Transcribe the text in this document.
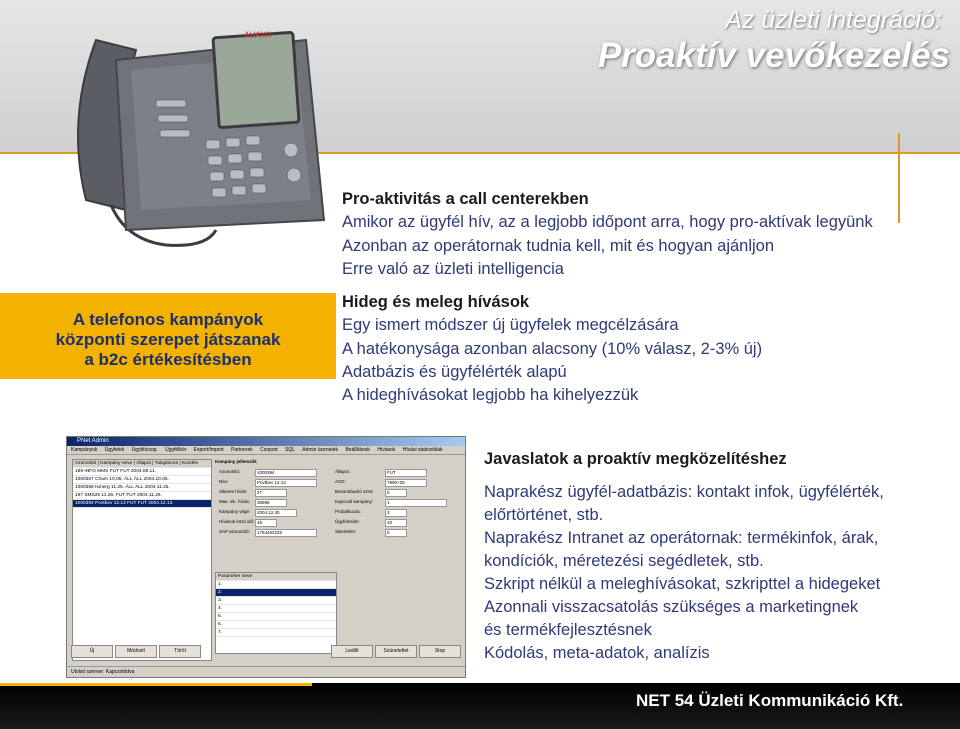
Az üzleti integráció:
Proaktív vevőkezelés
AVAYA
Pro-aktivitás a call centerekben
Amikor az ügyfél hív, az a legjobb időpont arra, hogy pro-aktívak legyünk
Azonban az operátornak tudnia kell, mit és hogyan ajánljon
Erre való az üzleti intelligencia
A telefonos kampányok
központi szerepet játszanak
a b2c értékesítésben
Hideg és meleg hívások
Egy ismert módszer új ügyfelek megcélzására
A hatékonysága azonban alacsony (10% válasz, 2-3% új)
Adatbázis és ügyfélérték alapú
A hideghívásokat legjobb ha kihelyezzük
PNet Admin
Kampányok Ügyfelek Ügyfélcsop. Ügyfélkör Export/Import Partnerek Csoport SQL Admin üzenetek Beállítások Hívások Hívási statisztikák
Azonosító | Kampány neve | Állapot | Tulajdonos | Kezdés
189 INFO MMS FUT FUT 2004.08.11.
1000367 Charn 10.05. ÁLL ÁLL 2004.10.05.
1000368 Ismerg 11.25. ÁLL ÁLL 2004.11.25.
197 SMS25 11.26. FUT FUT 2004.11.26.
1000394 Povtbev 12.13 FUT FUT 2004.12.13.
Kampány jellemzők
Azonosító:	1000394
Név:	Povtbev 12.13
Sikeres hívás: 27
Max. sik. hívás: 39999
Kampány vége: 2004.12.30
Hívások közti idő: 45
SAP azonosító: 1754452225
Állapot:	FUT
ACD:	7990+29
Besorolásciló szint:	0
Kapcsolt kampány:	1
Próbálkozás:	3
Ügyfélszám:	10
Sikertelen:	0
Paraméter neve
1.
2.
3.
4.
5.
6.
7.
Új	Módosít	Töröl	Leállít	Szüneteltet	Stop
Utolsó szerver: Kapcsolódva
Javaslatok a proaktív megközelítéshez
Naprakész ügyfél-adatbázis: kontakt infok, ügyfélérték,
előrtörténet, stb.
Naprakész Intranet az operátornak: termékinfok, árak,
kondíciók, méretezési segédletek, stb.
Szkript nélkül a meleghívásokat, szkripttel a hidegeket
Azonnali visszacsatolás szükséges a marketingnek
és termékfejlesztésnek
Kódolás, meta-adatok, analízis
NET 54 Üzleti Kommunikáció Kft.
